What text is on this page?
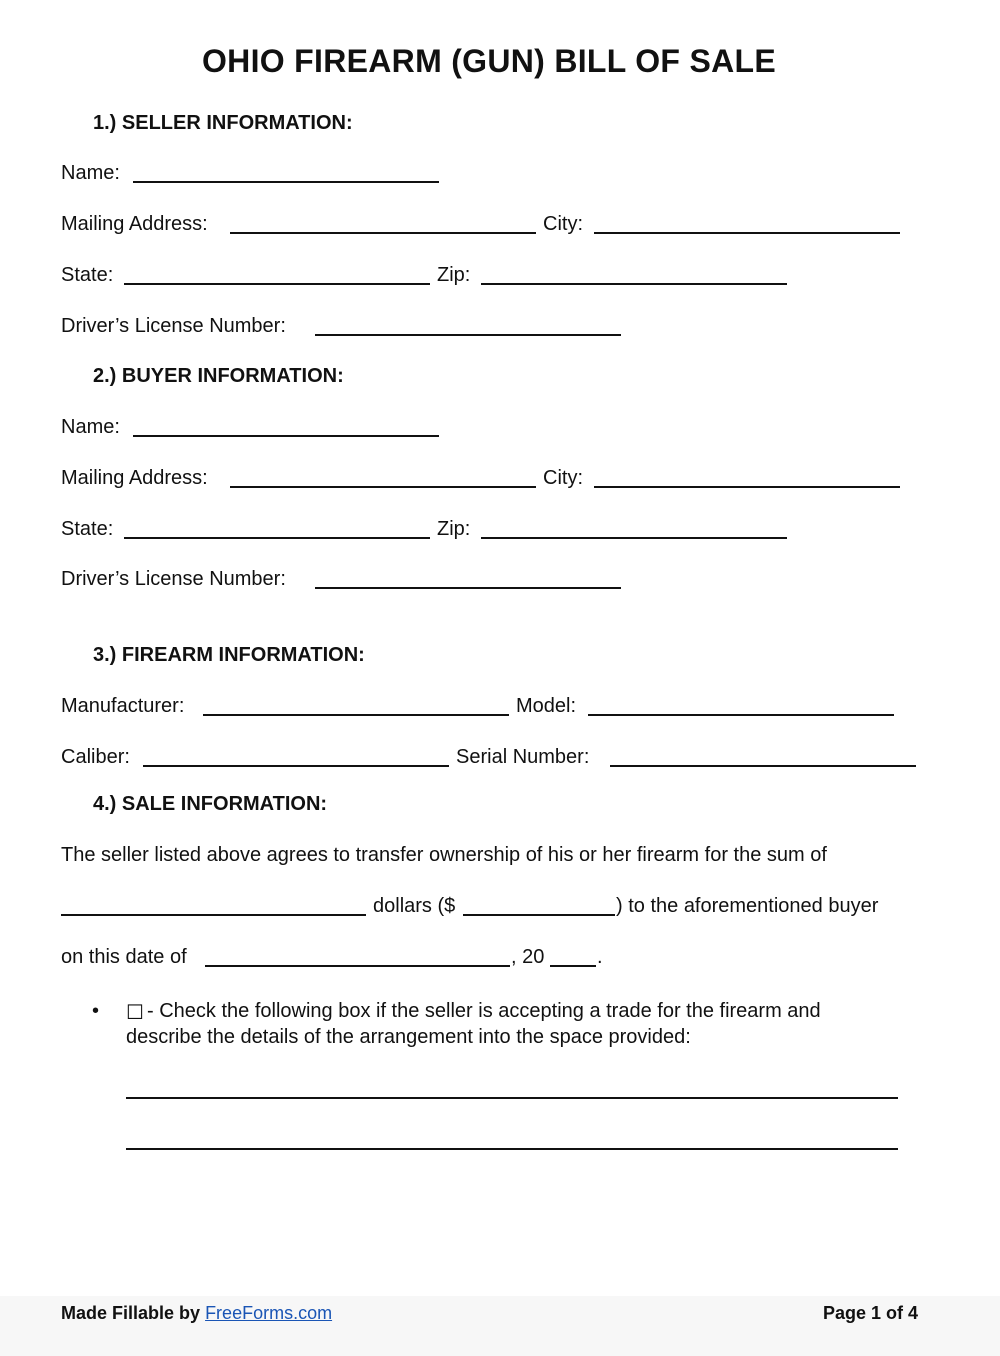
OHIO FIREARM (GUN) BILL OF SALE
1.) SELLER INFORMATION:
Name:
Mailing Address:	City:
State:	Zip:
Driver’s License Number:
2.) BUYER INFORMATION:
Name:
Mailing Address:	City:
State:	Zip:
Driver’s License Number:
3.) FIREARM INFORMATION:
Manufacturer:	Model:
Caliber:	Serial Number:
4.) SALE INFORMATION:
The seller listed above agrees to transfer ownership of his or her firearm for the sum of
dollars ($	) to the aforementioned buyer
on this date of	, 20	.
• ☐ - Check the following box if the seller is accepting a trade for the firearm and
describe the details of the arrangement into the space provided:
Made Fillable by FreeForms.com	Page 1 of 4
